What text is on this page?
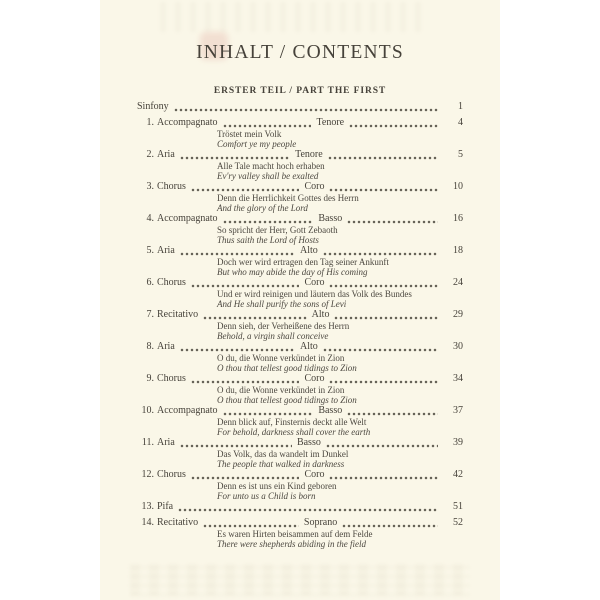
INHALT / CONTENTS
ERSTER TEIL / PART THE FIRST
Sinfony	1
1. Accompagnato	Tenore	4
Tröstet mein Volk
Comfort ye my people
2. Aria	Tenore	5
Alle Tale macht hoch erhaben
Ev'ry valley shall be exalted
3. Chorus	Coro	10
Denn die Herrlichkeit Gottes des Herrn
And the glory of the Lord
4. Accompagnato	Basso	16
So spricht der Herr, Gott Zebaoth
Thus saith the Lord of Hosts
5. Aria	Alto	18
Doch wer wird ertragen den Tag seiner Ankunft
But who may abide the day of His coming
6. Chorus	Coro	24
Und er wird reinigen und läutern das Volk des Bundes
And He shall purify the sons of Levi
7. Recitativo	Alto	29
Denn sieh, der Verheißene des Herrn
Behold, a virgin shall conceive
8. Aria	Alto	30
O du, die Wonne verkündet in Zion
O thou that tellest good tidings to Zion
9. Chorus	Coro	34
O du, die Wonne verkündet in Zion
O thou that tellest good tidings to Zion
10. Accompagnato	Basso	37
Denn blick auf, Finsternis deckt alle Welt
For behold, darkness shall cover the earth
11. Aria	Basso	39
Das Volk, das da wandelt im Dunkel
The people that walked in darkness
12. Chorus	Coro	42
Denn es ist uns ein Kind geboren
For unto us a Child is born
13. Pifa	51
14. Recitativo	Soprano	52
Es waren Hirten beisammen auf dem Felde
There were shepherds abiding in the field
